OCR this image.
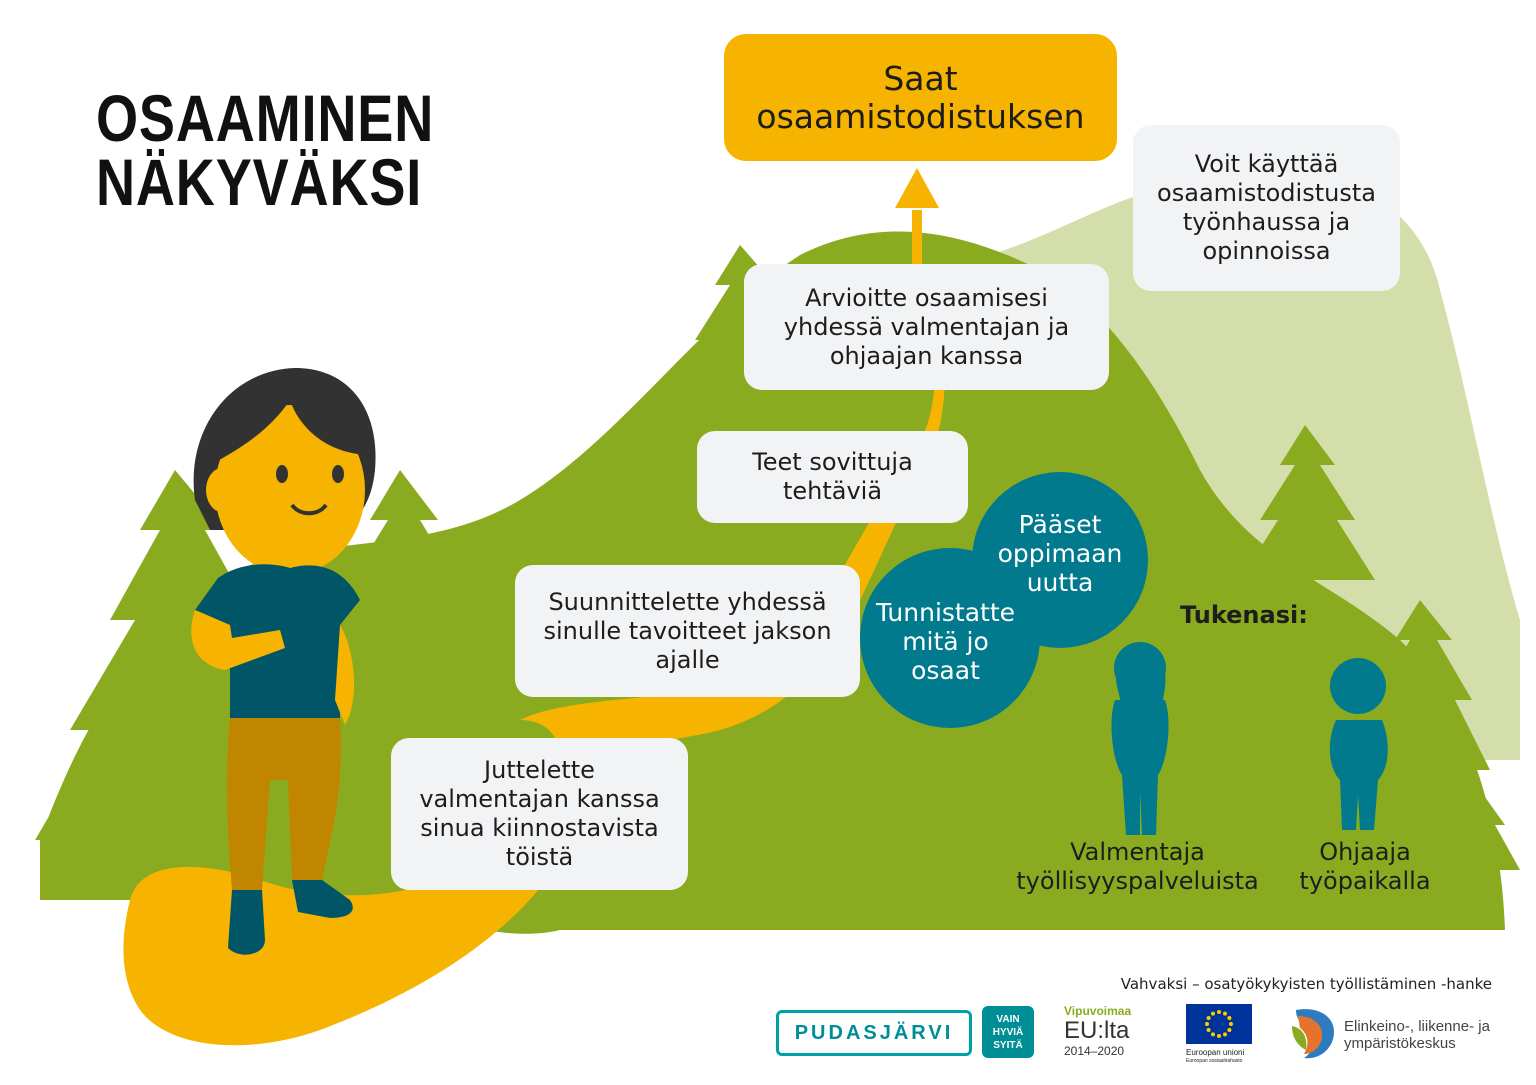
OSAAMINEN
NÄKYVÄKSI
Saat
osaamistodistuksen
Voit käyttää
osaamistodistusta
työnhaussa ja
opinnoissa
Arvioitte osaamisesi
yhdessä valmentajan ja
ohjaajan kanssa
Teet sovittuja
tehtäviä
Suunnittelette yhdessä
sinulle tavoitteet jakson
ajalle
Juttelette
valmentajan kanssa
sinua kiinnostavista
töistä
Tunnistatte
mitä jo
osaat
Pääset
oppimaan
uutta
Tukenasi:
Valmentaja
työllisyyspalveluista
Ohjaaja
työpaikalla
Vahvaksi – osatyökykyisten työllistäminen -hanke
PUDASJÄRVI
VAIN
HYVIÄ
SYITÄ
Vipuvoimaa
EU:lta
2014–2020	Euroopan unioni
Euroopan sosiaalirahasto
Elinkeino-, liikenne- ja
ympäristökeskus
